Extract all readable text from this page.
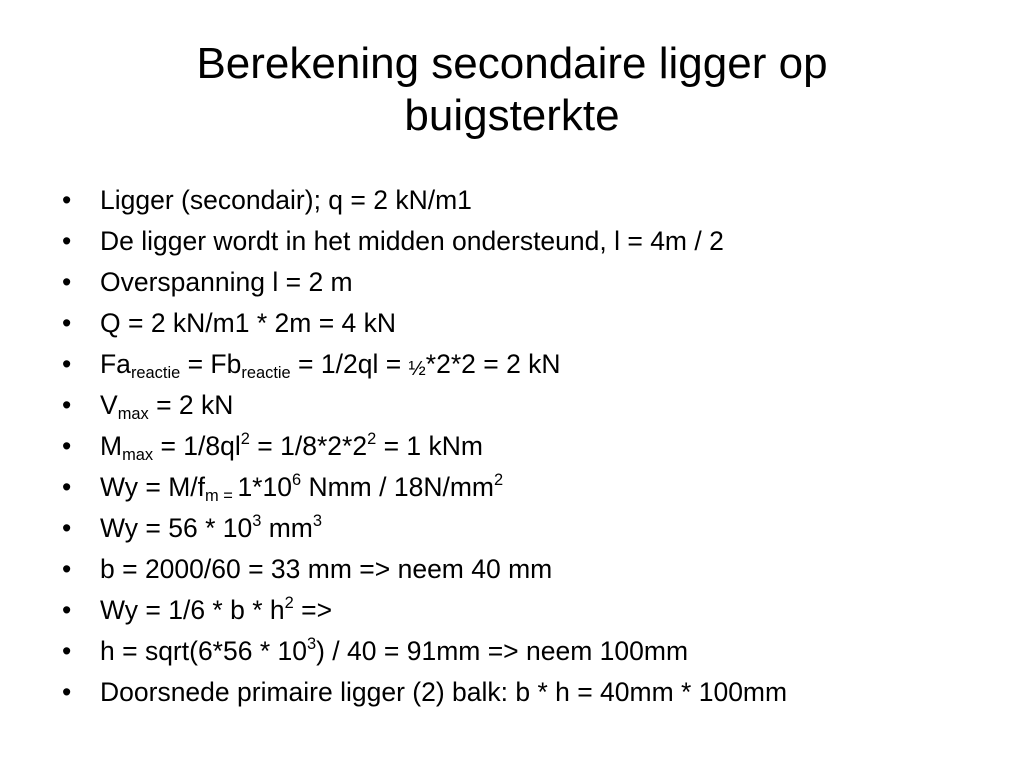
Berekening secondaire ligger op
buigsterkte
• Ligger (secondair); q = 2 kN/m1
• De ligger wordt in het midden ondersteund, l = 4m / 2
• Overspanning l = 2 m
• Q = 2 kN/m1 * 2m = 4 kN
• $Fa_{reactie} = Fb_{reactie} = 1/2ql = _{\frac{1}{2}}*2*2 = 2$ kN
• $V_{max} = 2$ kN
• $M_{max} = 1/8ql^2 = 1/8*2*2^2 = 1$ kNm
• $Wy = M/f_{m =}$ $1*10^6$ Nmm / $18N/mm^2$
• $Wy = 56 * 10^3$ $mm^3$
• b = 2000/60 = 33 mm => neem 40 mm
• $Wy = 1/6 * b * h^2$ =>
• h = sqrt(6*56 * $10^3) / 40 = 91mm$ => neem 100mm
• Doorsnede primaire ligger (2) balk: b * h = 40mm * 100mm
